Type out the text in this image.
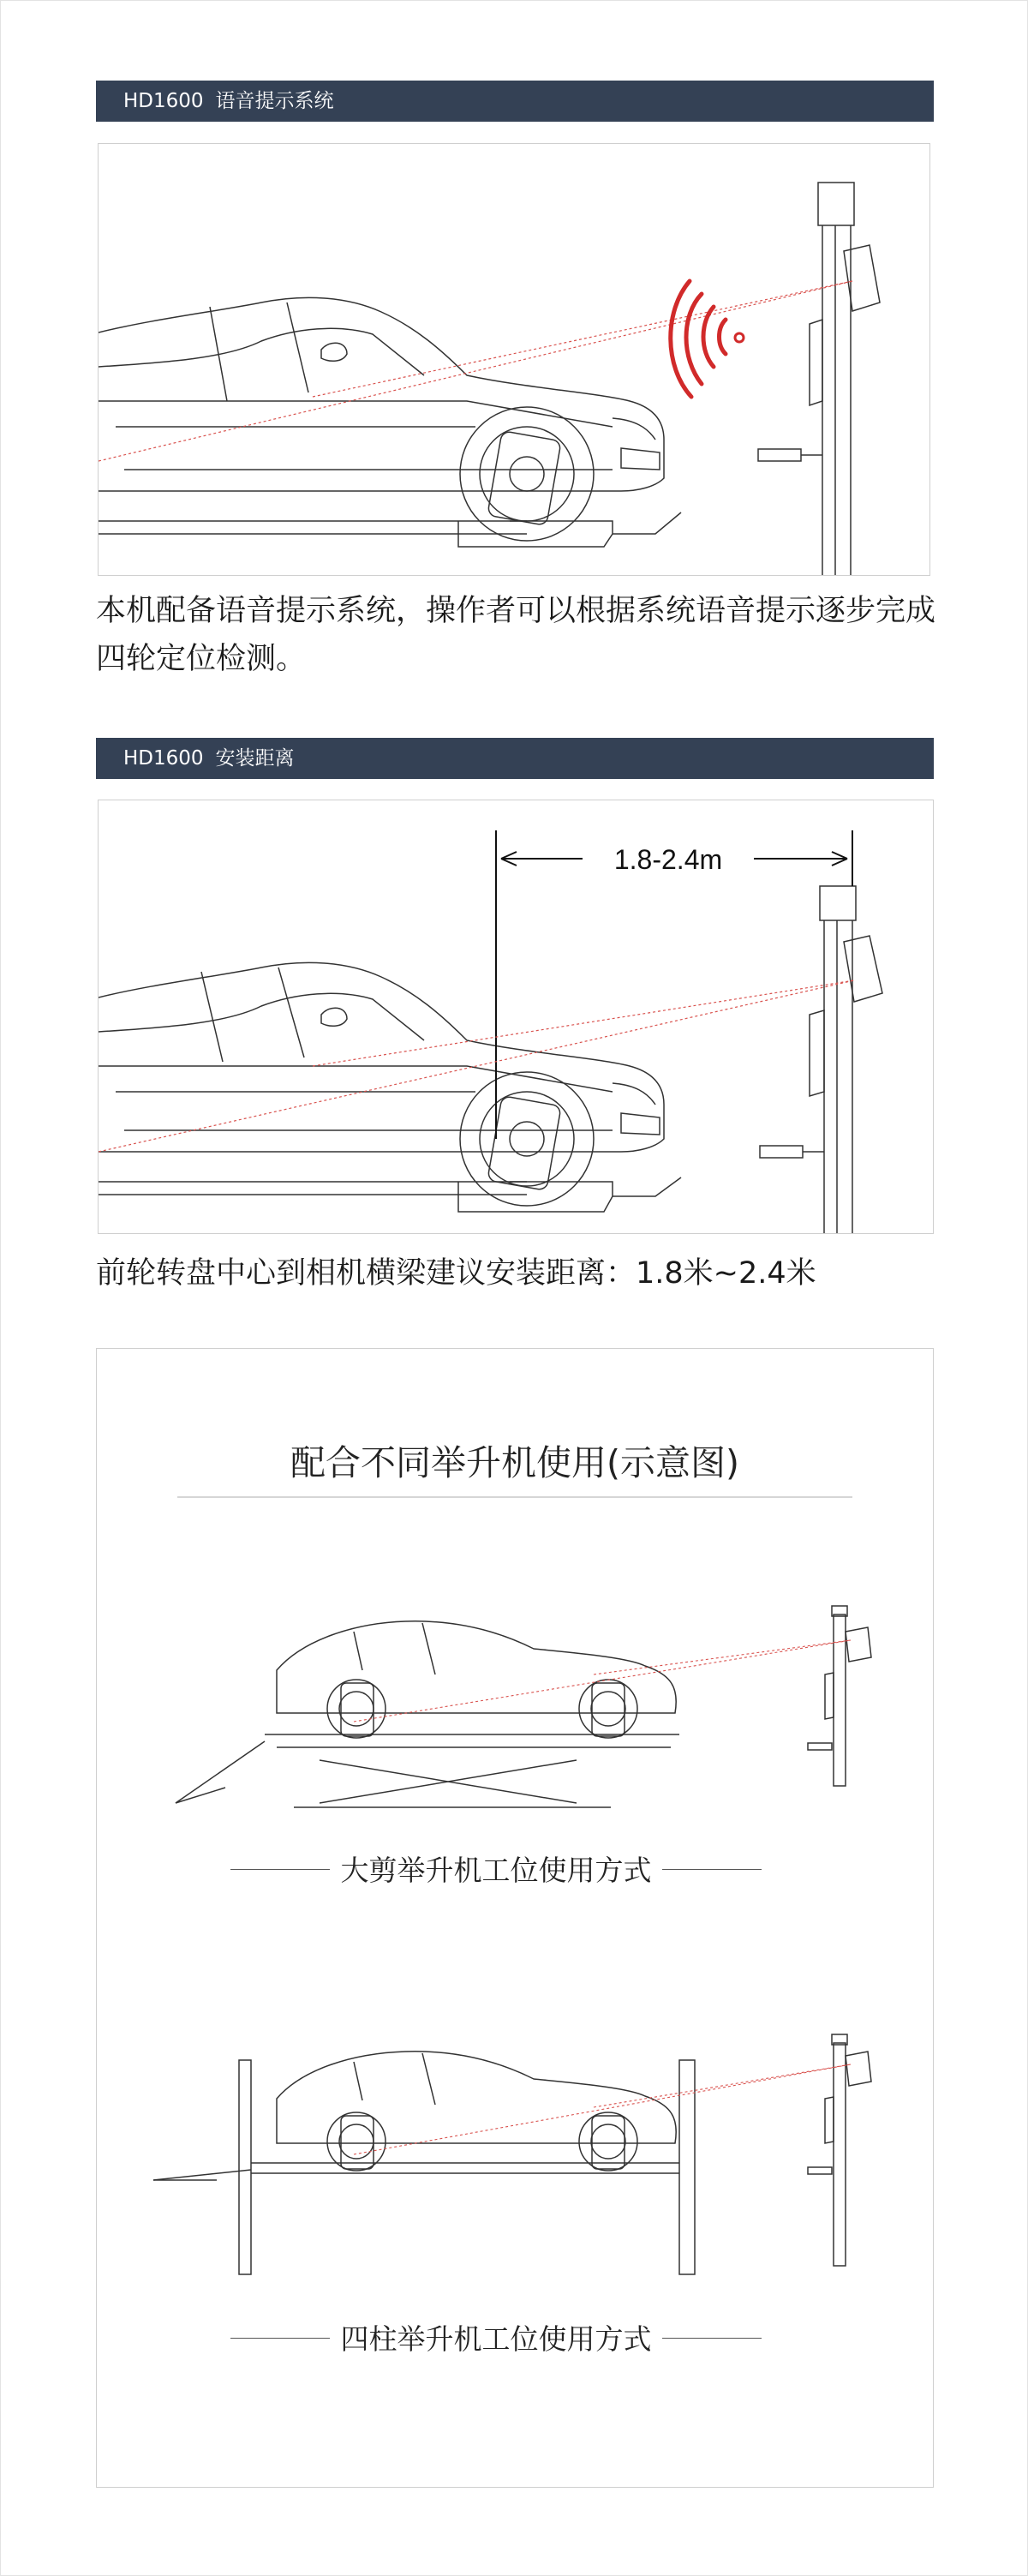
HD1600 语音提示系统
本机配备语音提示系统，操作者可以根据系统语音提示逐步完成
四轮定位检测。
HD1600 安装距离
1.8-2.4m
前轮转盘中心到相机横梁建议安装距离：1.8米~2.4米
配合不同举升机使用(示意图)
大剪举升机工位使用方式
四柱举升机工位使用方式
